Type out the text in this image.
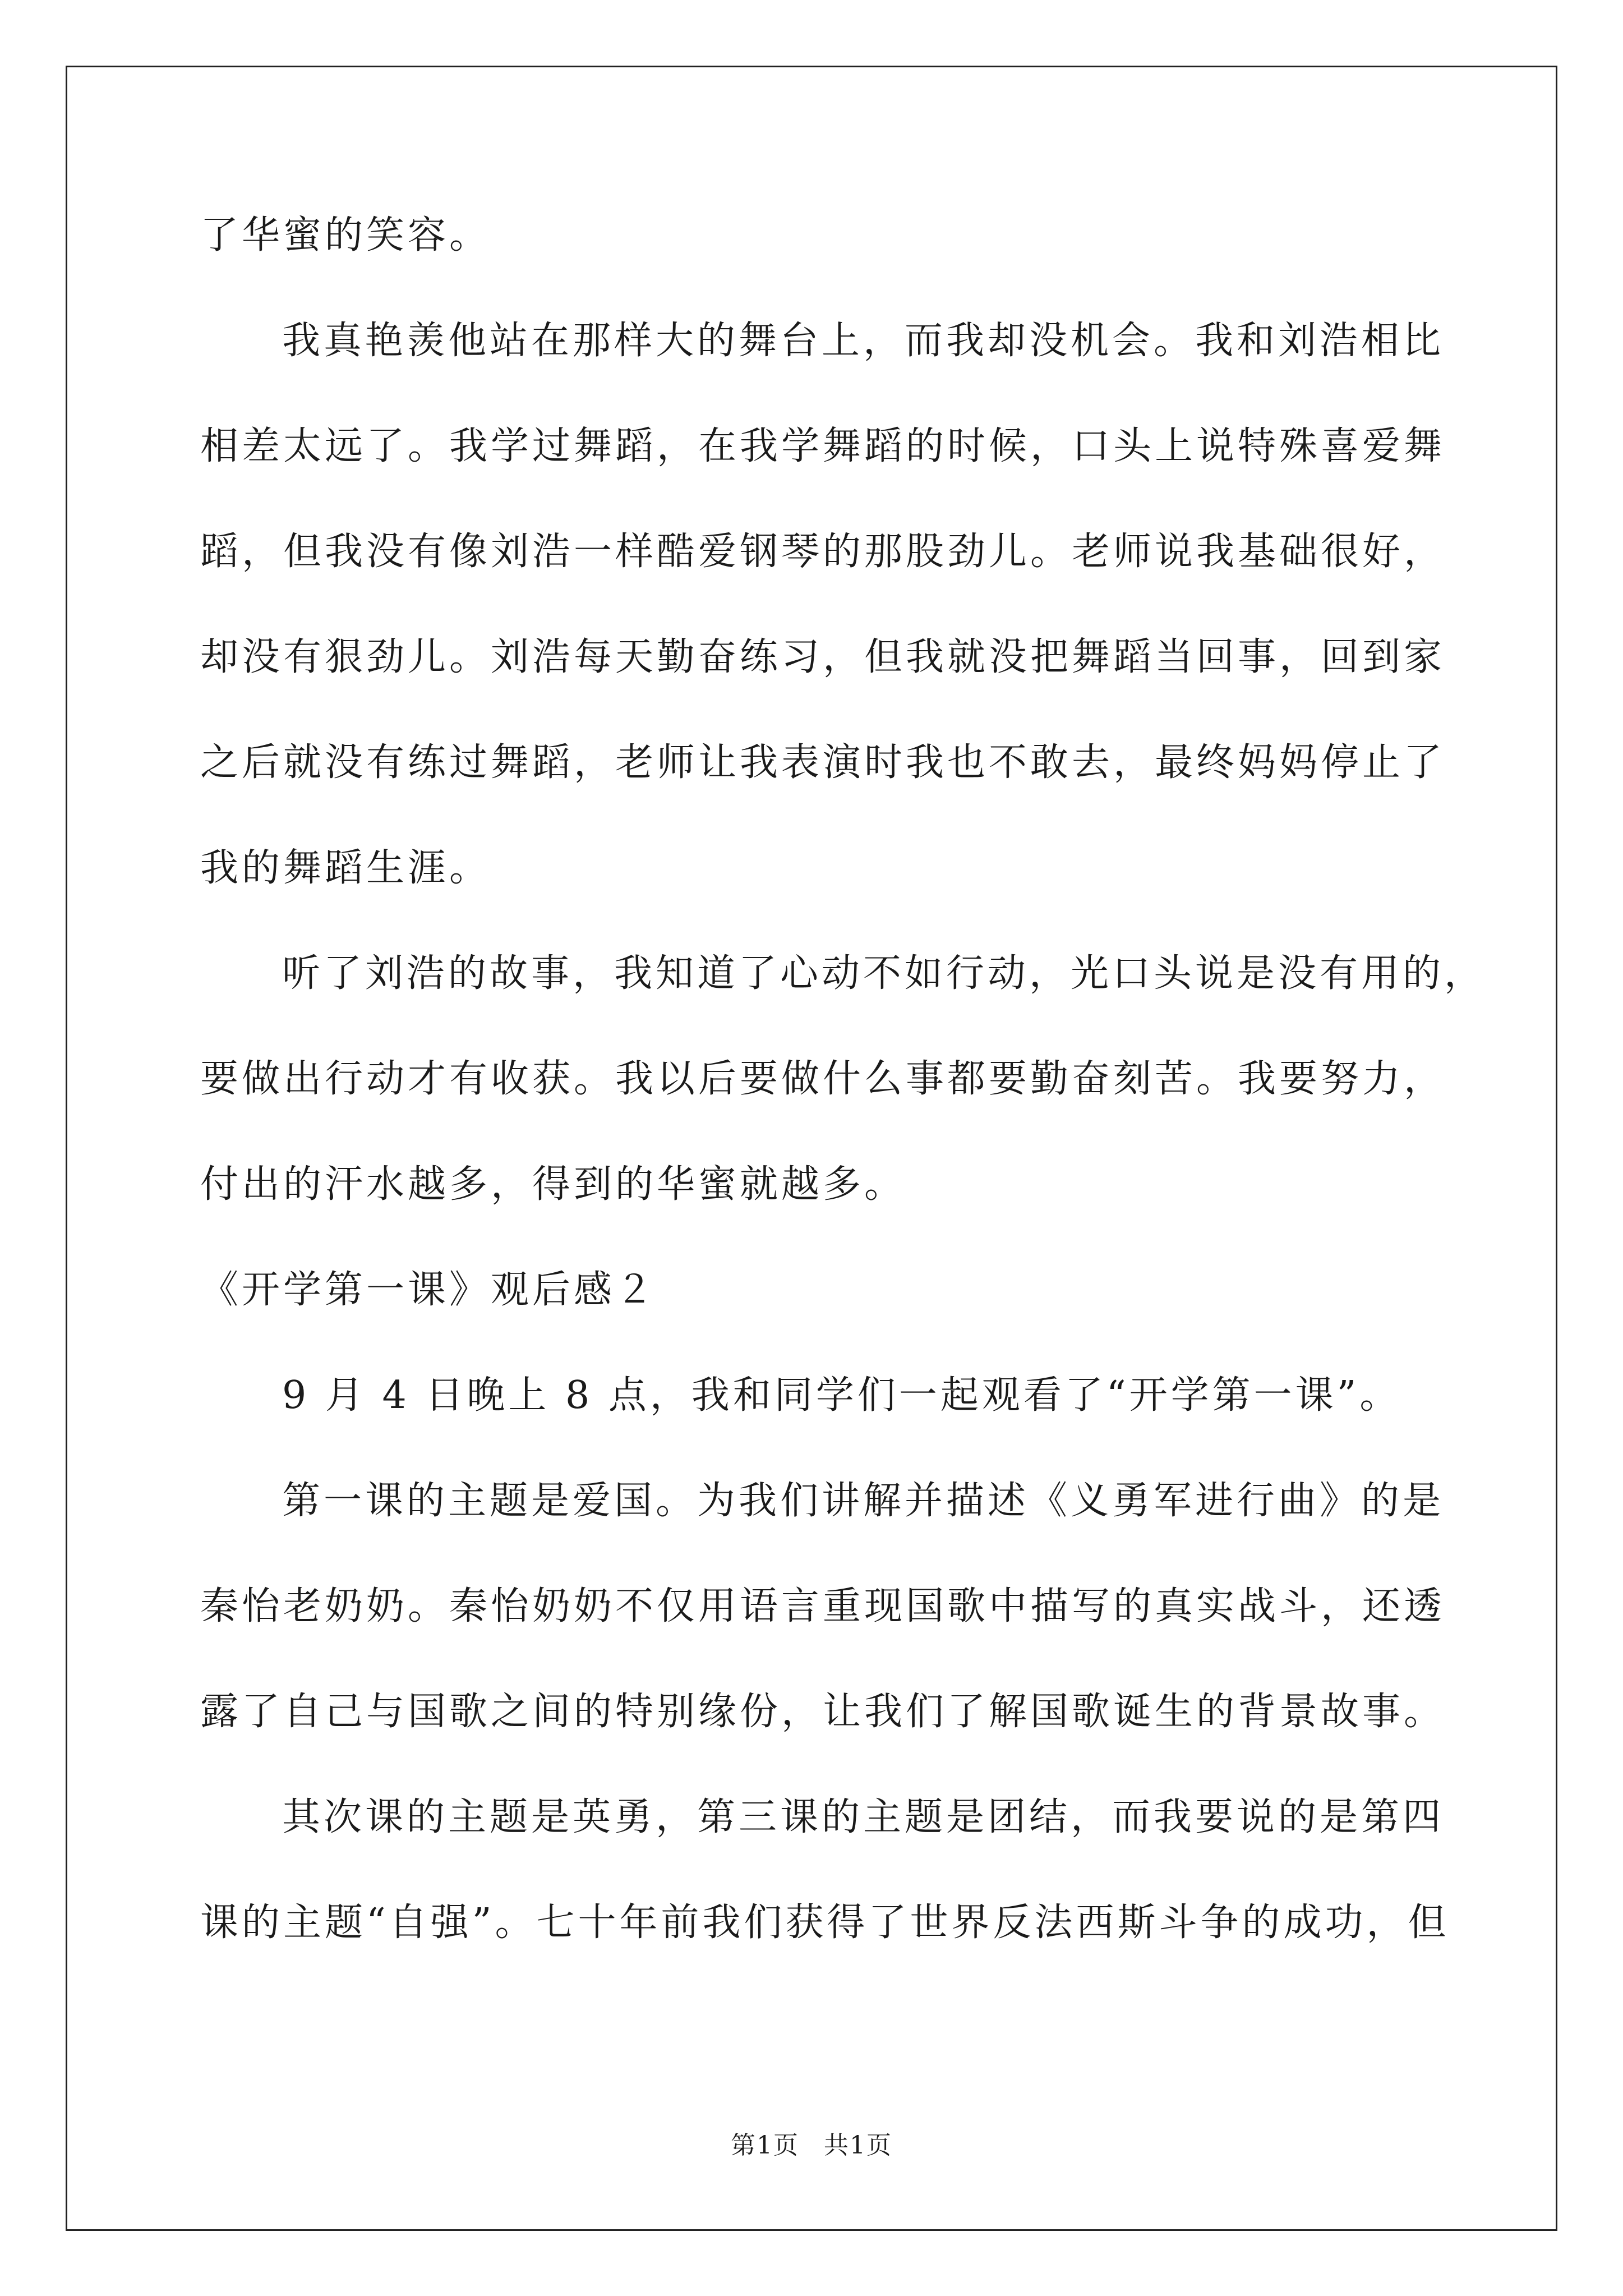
了华蜜的笑容。
我真艳羡他站在那样大的舞台上，而我却没机会。我和刘浩相比
相差太远了。我学过舞蹈，在我学舞蹈的时候，口头上说特殊喜爱舞
蹈，但我没有像刘浩一样酷爱钢琴的那股劲儿。老师说我基础很好，
却没有狠劲儿。刘浩每天勤奋练习，但我就没把舞蹈当回事，回到家
之后就没有练过舞蹈，老师让我表演时我也不敢去，最终妈妈停止了
我的舞蹈生涯。
听了刘浩的故事，我知道了心动不如行动，光口头说是没有用的，
要做出行动才有收获。我以后要做什么事都要勤奋刻苦。我要努力，
付出的汗水越多，得到的华蜜就越多。
《开学第一课》观后感２
9 月 4 日晚上 8 点，我和同学们一起观看了“开学第一课”。
第一课的主题是爱国。为我们讲解并描述《义勇军进行曲》的是
秦怡老奶奶。秦怡奶奶不仅用语言重现国歌中描写的真实战斗，还透
露了自己与国歌之间的特别缘份，让我们了解国歌诞生的背景故事。
其次课的主题是英勇，第三课的主题是团结，而我要说的是第四
课的主题“自强”。七十年前我们获得了世界反法西斯斗争的成功，但
第1页 共1页
